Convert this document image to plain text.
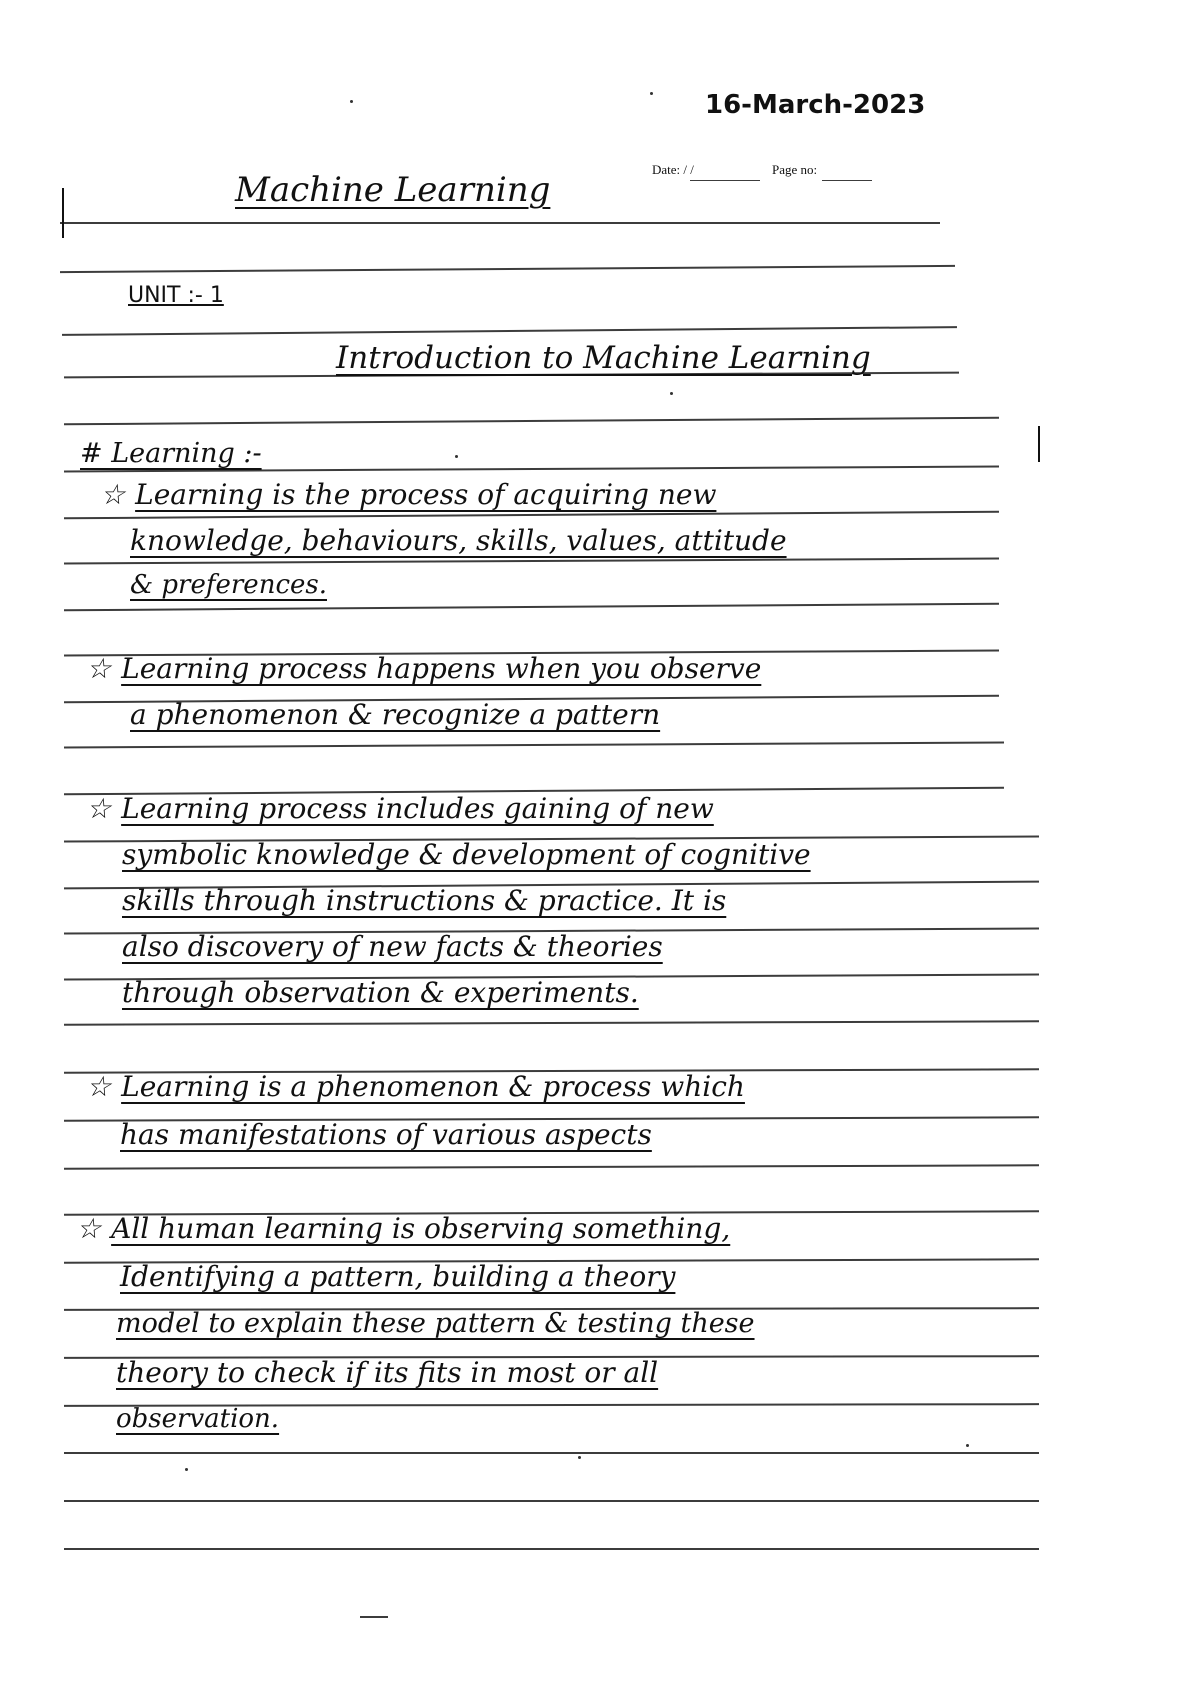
16-March-2023
Date: / /	Page no:
Machine Learning
UNIT :- 1
Introduction to Machine Learning
# Learning :-
☆ Learning is the process of acquiring new
knowledge, behaviours, skills, values, attitude
& preferences.
☆ Learning process happens when you observe
a phenomenon & recognize a pattern
☆ Learning process includes gaining of new
symbolic knowledge & development of cognitive
skills through instructions & practice. It is
also discovery of new facts & theories
through observation & experiments.
☆ Learning is a phenomenon & process which
has manifestations of various aspects
☆ All human learning is observing something,
Identifying a pattern, building a theory
model to explain these pattern & testing these
theory to check if its fits in most or all
observation.
